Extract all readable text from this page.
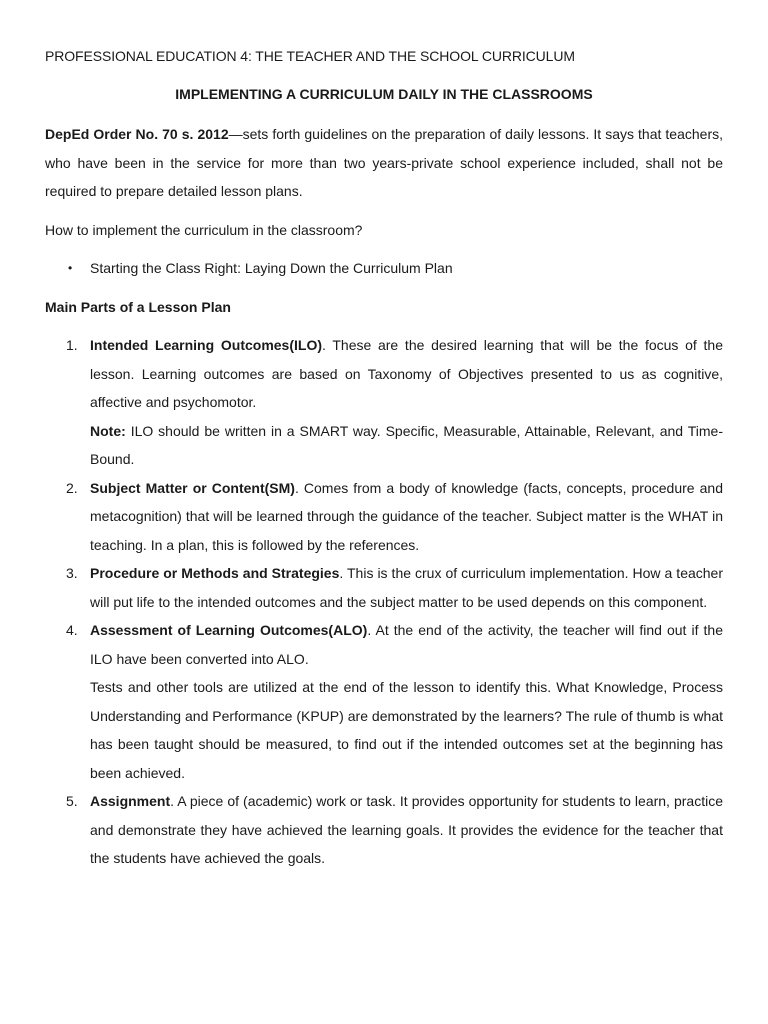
PROFESSIONAL EDUCATION 4: THE TEACHER AND THE SCHOOL CURRICULUM

IMPLEMENTING A CURRICULUM DAILY IN THE CLASSROOMS

DepEd Order No. 70 s. 2012—sets forth guidelines on the preparation of daily lessons. It says that teachers, who have been in the service for more than two years-private school experience included, shall not be required to prepare detailed lesson plans.

How to implement the curriculum in the classroom?

• Starting the Class Right: Laying Down the Curriculum Plan

Main Parts of a Lesson Plan

1. Intended Learning Outcomes(ILO). These are the desired learning that will be the focus of the lesson. Learning outcomes are based on Taxonomy of Objectives presented to us as cognitive, affective and psychomotor.

Note: ILO should be written in a SMART way. Specific, Measurable, Attainable, Relevant, and Time-Bound.

2. Subject Matter or Content(SM). Comes from a body of knowledge (facts, concepts, procedure and metacognition) that will be learned through the guidance of the teacher. Subject matter is the WHAT in teaching. In a plan, this is followed by the references.

3. Procedure or Methods and Strategies. This is the crux of curriculum implementation. How a teacher will put life to the intended outcomes and the subject matter to be used depends on this component.

4. Assessment of Learning Outcomes(ALO). At the end of the activity, the teacher will find out if the ILO have been converted into ALO.

Tests and other tools are utilized at the end of the lesson to identify this. What Knowledge, Process Understanding and Performance (KPUP) are demonstrated by the learners? The rule of thumb is what has been taught should be measured, to find out if the intended outcomes set at the beginning has been achieved.

5. Assignment. A piece of (academic) work or task. It provides opportunity for students to learn, practice and demonstrate they have achieved the learning goals. It provides the evidence for the teacher that the students have achieved the goals.
